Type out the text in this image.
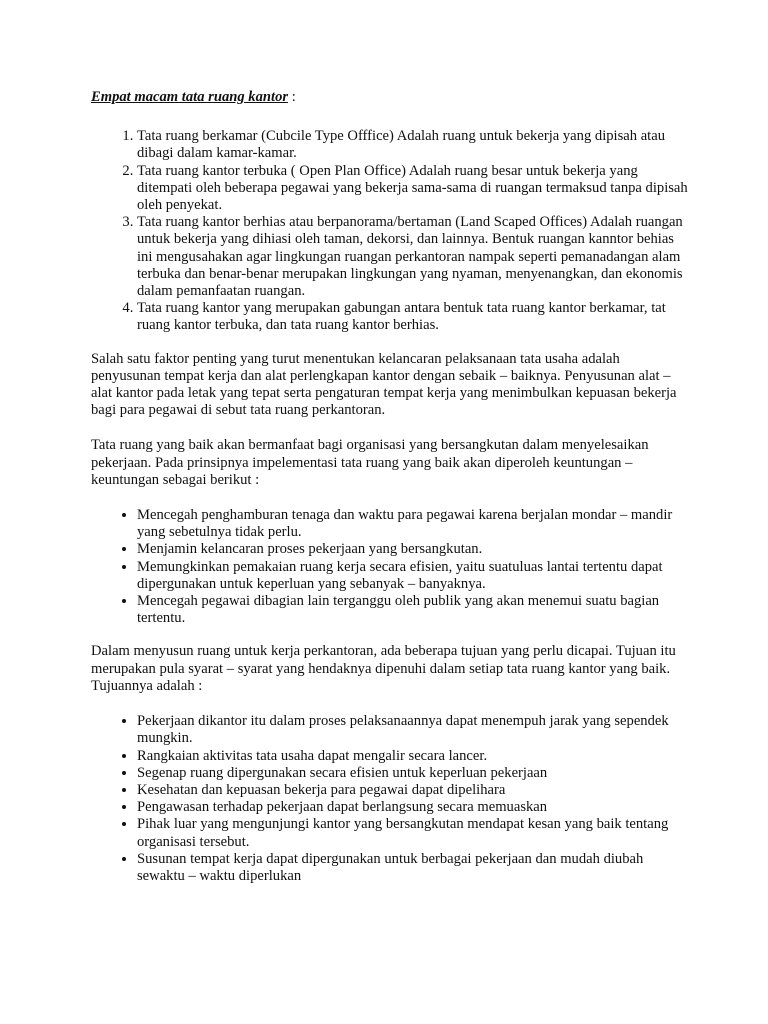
Empat macam tata ruang kantor :
1. Tata ruang berkamar (Cubcile Type Offfice) Adalah ruang untuk bekerja yang dipisah atau dibagi dalam kamar-kamar.
2. Tata ruang kantor terbuka ( Open Plan Office) Adalah ruang besar untuk bekerja yang ditempati oleh beberapa pegawai yang bekerja sama-sama di ruangan termaksud tanpa dipisah oleh penyekat.
3. Tata ruang kantor berhias atau berpanorama/bertaman (Land Scaped Offices) Adalah ruangan untuk bekerja yang dihiasi oleh taman, dekorsi, dan lainnya. Bentuk ruangan kanntor behias ini mengusahakan agar lingkungan ruangan perkantoran nampak seperti pemanadangan alam terbuka dan benar-benar merupakan lingkungan yang nyaman, menyenangkan, dan ekonomis dalam pemanfaatan ruangan.
4. Tata ruang kantor yang merupakan gabungan antara bentuk tata ruang kantor berkamar, tat ruang kantor terbuka, dan tata ruang kantor berhias.

Salah satu faktor penting yang turut menentukan kelancaran pelaksanaan tata usaha adalah penyusunan tempat kerja dan alat perlengkapan kantor dengan sebaik – baiknya. Penyusunan alat – alat kantor pada letak yang tepat serta pengaturan tempat kerja yang menimbulkan kepuasan bekerja bagi para pegawai di sebut tata ruang perkantoran.

Tata ruang yang baik akan bermanfaat bagi organisasi yang bersangkutan dalam menyelesaikan pekerjaan. Pada prinsipnya impelementasi tata ruang yang baik akan diperoleh keuntungan – keuntungan sebagai berikut :

• Mencegah penghamburan tenaga dan waktu para pegawai karena berjalan mondar – mandir yang sebetulnya tidak perlu.
• Menjamin kelancaran proses pekerjaan yang bersangkutan.
• Memungkinkan pemakaian ruang kerja secara efisien, yaitu suatuluas lantai tertentu dapat dipergunakan untuk keperluan yang sebanyak – banyaknya.
• Mencegah pegawai dibagian lain terganggu oleh publik yang akan menemui suatu bagian tertentu.

Dalam menyusun ruang untuk kerja perkantoran, ada beberapa tujuan yang perlu dicapai. Tujuan itu merupakan pula syarat – syarat yang hendaknya dipenuhi dalam setiap tata ruang kantor yang baik. Tujuannya adalah :

• Pekerjaan dikantor itu dalam proses pelaksanaannya dapat menempuh jarak yang sependek mungkin.
• Rangkaian aktivitas tata usaha dapat mengalir secara lancer.
• Segenap ruang dipergunakan secara efisien untuk keperluan pekerjaan
• Kesehatan dan kepuasan bekerja para pegawai dapat dipelihara
• Pengawasan terhadap pekerjaan dapat berlangsung secara memuaskan
• Pihak luar yang mengunjungi kantor yang bersangkutan mendapat kesan yang baik tentang organisasi tersebut.
• Susunan tempat kerja dapat dipergunakan untuk berbagai pekerjaan dan mudah diubah sewaktu – waktu diperlukan
